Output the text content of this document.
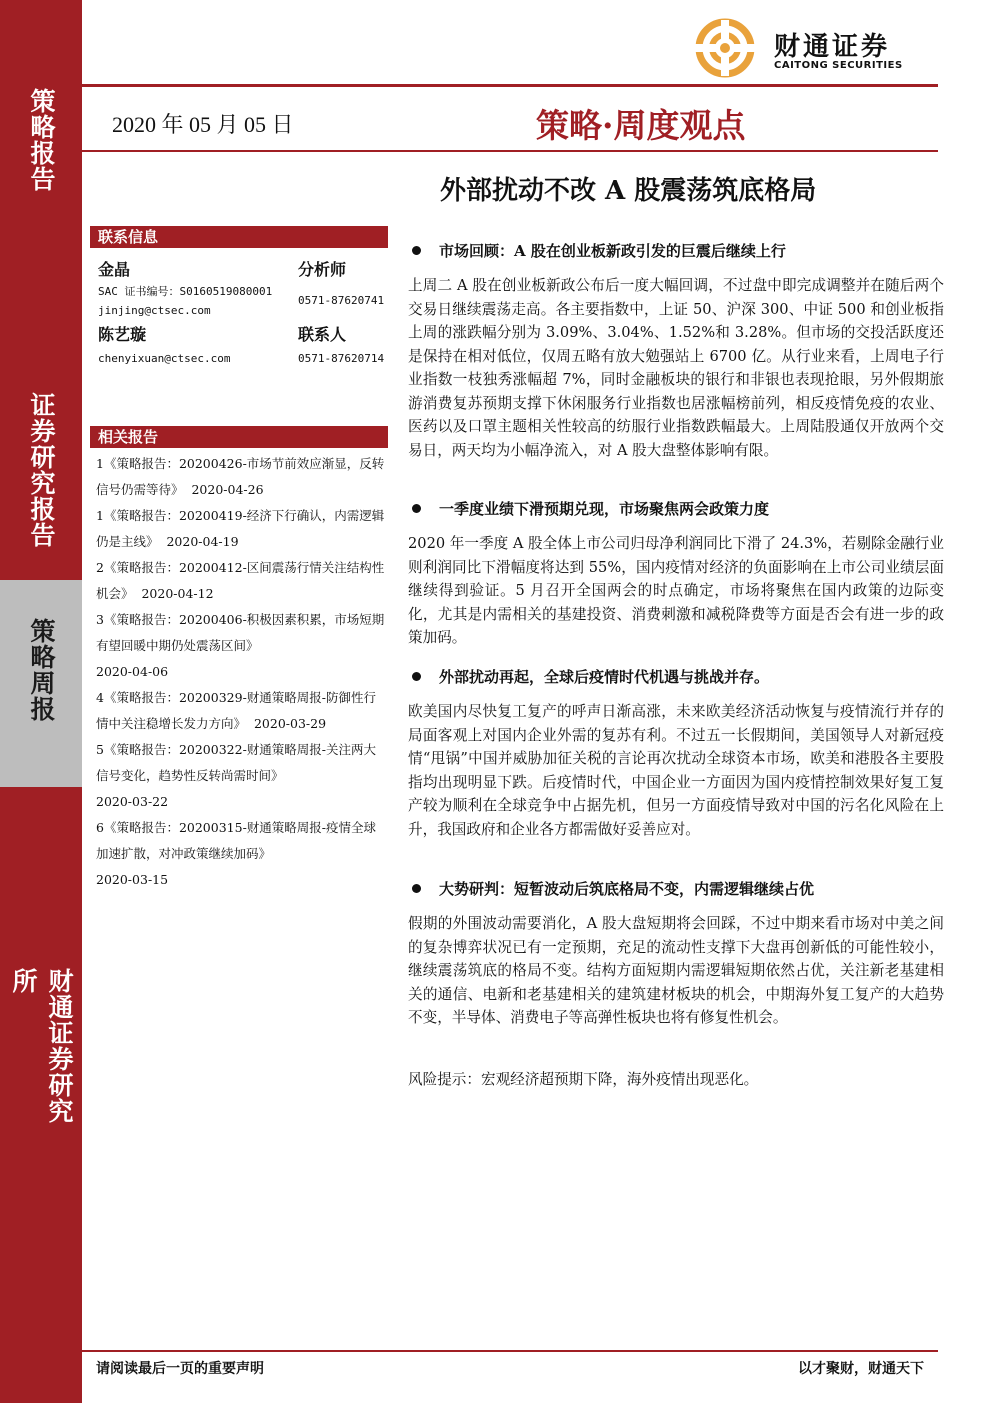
策略报告
证券研究报告
策略周报
财通证券研究所
财通证券
CAITONG SECURITIES
2020 年 05 月 05 日	策略·周度观点
外部扰动不改 A 股震荡筑底格局
联系信息
金晶	分析师
SAC 证书编号：S0160519080001
0571-87620741
jinjing@ctsec.com
陈艺璇	联系人
chenyixuan@ctsec.com	0571-87620714
相关报告
1《策略报告：20200426-市场节前效应渐显，反转信号仍需等待》 2020-04-26
1《策略报告：20200419-经济下行确认，内需逻辑仍是主线》 2020-04-19
2《策略报告：20200412-区间震荡行情关注结构性机会》 2020-04-12
3《策略报告：20200406-积极因素积累，市场短期有望回暖中期仍处震荡区间》
2020-04-06
4《策略报告：20200329-财通策略周报-防御性行情中关注稳增长发力方向》 2020-03-29
5《策略报告：20200322-财通策略周报-关注两大信号变化，趋势性反转尚需时间》
2020-03-22
6《策略报告：20200315-财通策略周报-疫情全球加速扩散，对冲政策继续加码》
2020-03-15
市场回顾：A 股在创业板新政引发的巨震后继续上行
上周二 A 股在创业板新政公布后一度大幅回调，不过盘中即完成调整并在随后两个交易日继续震荡走高。各主要指数中，上证 50、沪深 300、中证 500 和创业板指上周的涨跌幅分别为 3.09%、3.04%、1.52%和 3.28%。但市场的交投活跃度还是保持在相对低位，仅周五略有放大勉强站上 6700 亿。从行业来看，上周电子行业指数一枝独秀涨幅超 7%，同时金融板块的银行和非银也表现抢眼，另外假期旅游消费复苏预期支撑下休闲服务行业指数也居涨幅榜前列，相反疫情免疫的农业、医药以及口罩主题相关性较高的纺服行业指数跌幅最大。上周陆股通仅开放两个交易日，两天均为小幅净流入，对 A 股大盘整体影响有限。
一季度业绩下滑预期兑现，市场聚焦两会政策力度
2020 年一季度 A 股全体上市公司归母净利润同比下滑了 24.3%，若剔除金融行业则利润同比下滑幅度将达到 55%，国内疫情对经济的负面影响在上市公司业绩层面继续得到验证。5 月召开全国两会的时点确定，市场将聚焦在国内政策的边际变化，尤其是内需相关的基建投资、消费刺激和减税降费等方面是否会有进一步的政策加码。
外部扰动再起，全球后疫情时代机遇与挑战并存。
欧美国内尽快复工复产的呼声日渐高涨，未来欧美经济活动恢复与疫情流行并存的局面客观上对国内企业外需的复苏有利。不过五一长假期间，美国领导人对新冠疫情“甩锅”中国并威胁加征关税的言论再次扰动全球资本市场，欧美和港股各主要股指均出现明显下跌。后疫情时代，中国企业一方面因为国内疫情控制效果好复工复产较为顺利在全球竞争中占据先机，但另一方面疫情导致对中国的污名化风险在上升，我国政府和企业各方都需做好妥善应对。
大势研判：短暂波动后筑底格局不变，内需逻辑继续占优
假期的外围波动需要消化，A 股大盘短期将会回踩，不过中期来看市场对中美之间的复杂博弈状况已有一定预期，充足的流动性支撑下大盘再创新低的可能性较小，继续震荡筑底的格局不变。结构方面短期内需逻辑短期依然占优，关注新老基建相关的通信、电新和老基建相关的建筑建材板块的机会，中期海外复工复产的大趋势不变，半导体、消费电子等高弹性板块也将有修复性机会。
风险提示：宏观经济超预期下降，海外疫情出现恶化。
请阅读最后一页的重要声明	以才聚财，财通天下
